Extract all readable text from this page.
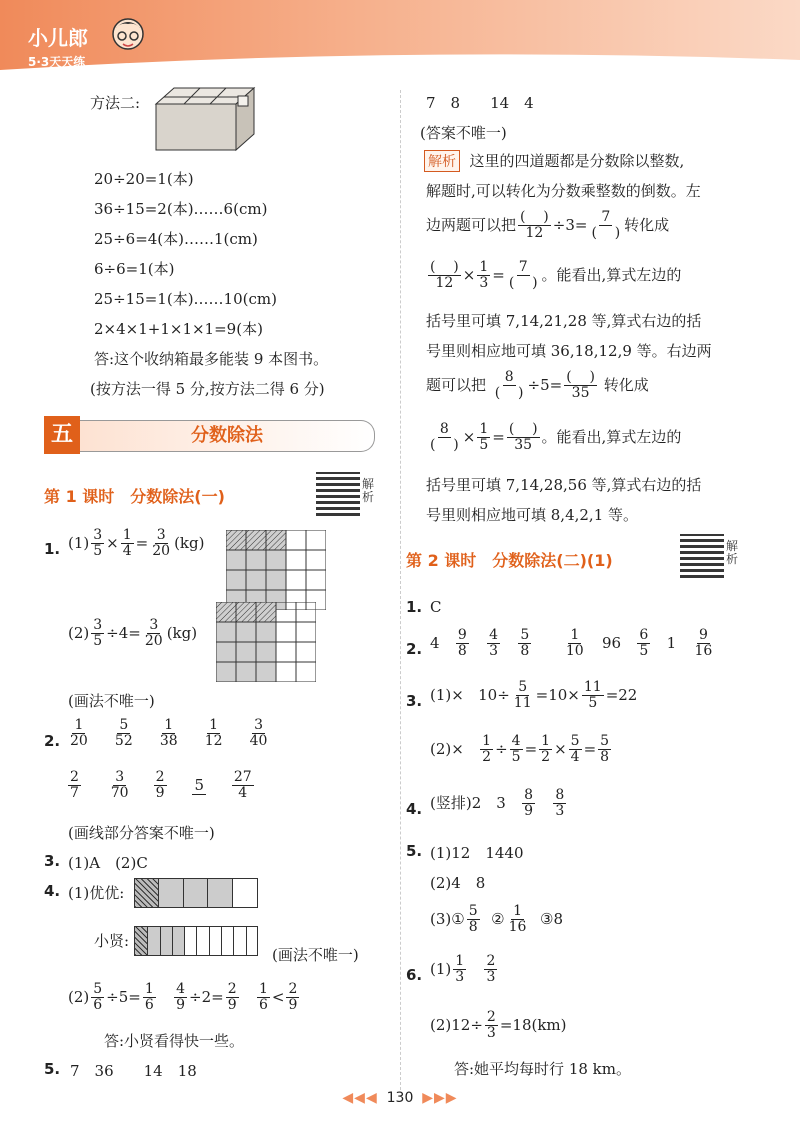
小儿郎
5·3天天练
方法二:
20÷20=1(本)
36÷15=2(本)……6(cm)
25÷6=4(本)……1(cm)
6÷6=1(本)
25÷15=1(本)……10(cm)
2×4×1+1×1×1=9(本)
答:这个收纳箱最多能装 9 本图书。
(按方法一得 5 分,按方法二得 6 分)
五	分数除法
第 1 课时　分数除法(一)
解析
1. $(1) \frac{3}{5} \times \frac{1}{4} = \frac{3}{20} (kg)$
$(2) \frac{3}{5} \div 4= \frac{3}{20} (kg)$
(画法不唯一)
2. $\frac{1}{20}$
$\frac{5}{52}$
$\frac{1}{38}$
$\frac{1}{12}$
$\frac{3}{40}$
$\frac{2}{7}$
$\frac{3}{70}$
$\frac{2}{9} 5 \frac{27}{4}$
(画线部分答案不唯一)
3. (1)A　(2)C
4. (1)优优:
小贤:
(画法不唯一)
$(2) \frac{5}{6} \div 5= \frac{1}{6}$
$\frac{4}{9} \div 2= \frac{2}{9}$
$\frac{1}{6} < \frac{2}{9}$
答:小贤看得快一些。
5. 7　36　　14　18
7　8　　14　4
(答案不唯一)
解析 这里的四道题都是分数除以整数,
解题时,可以转化为分数乘整数的倒数。左
边两题可以把 $\frac{( )}{12} \div 3= \frac{7}{( )}$ 转化成
$\frac{( )}{12} \times \frac{1}{3} = \frac{7}{( )}$ 。能看出,算式左边的
括号里可填 7,14,21,28 等,算式右边的括
号里则相应地可填 36,18,12,9 等。右边两
题可以把 $\frac{8}{( )} \div 5= \frac{( )}{35}$ 转化成
$\frac{8}{( )} \times \frac{1}{5} = \frac{( )}{35}$ 。能看出,算式左边的
括号里可填 7,14,28,56 等,算式右边的括
号里则相应地可填 8,4,2,1 等。
第 2 课时　分数除法(二)(1)
解析
1. C
2. $4 \frac{9}{8}$
$\frac{4}{3}$
$\frac{5}{8}$
$\frac{1}{10} 96 \frac{6}{5} 1 \frac{9}{16}$
3. $(1)\times 10\div \frac{5}{11} =10\times \frac{11}{5} =22$
$(2)\times \frac{1}{2} \div \frac{4}{5} = \frac{1}{2} \times \frac{5}{4} = \frac{5}{8}$
4. (竖排)2　$3 \frac{8}{9}$
$\frac{8}{3}$
5. (1)12　1440
(2)4　8
(3)① $\frac{5}{8}$ ② $\frac{1}{16}$ ③8
6. $(1) \frac{1}{3}$
$\frac{2}{3}$
$(2)12\div \frac{2}{3} =18(km)$
答:她平均每时行 18 km。
◀◀◀ 130 ▶▶▶
